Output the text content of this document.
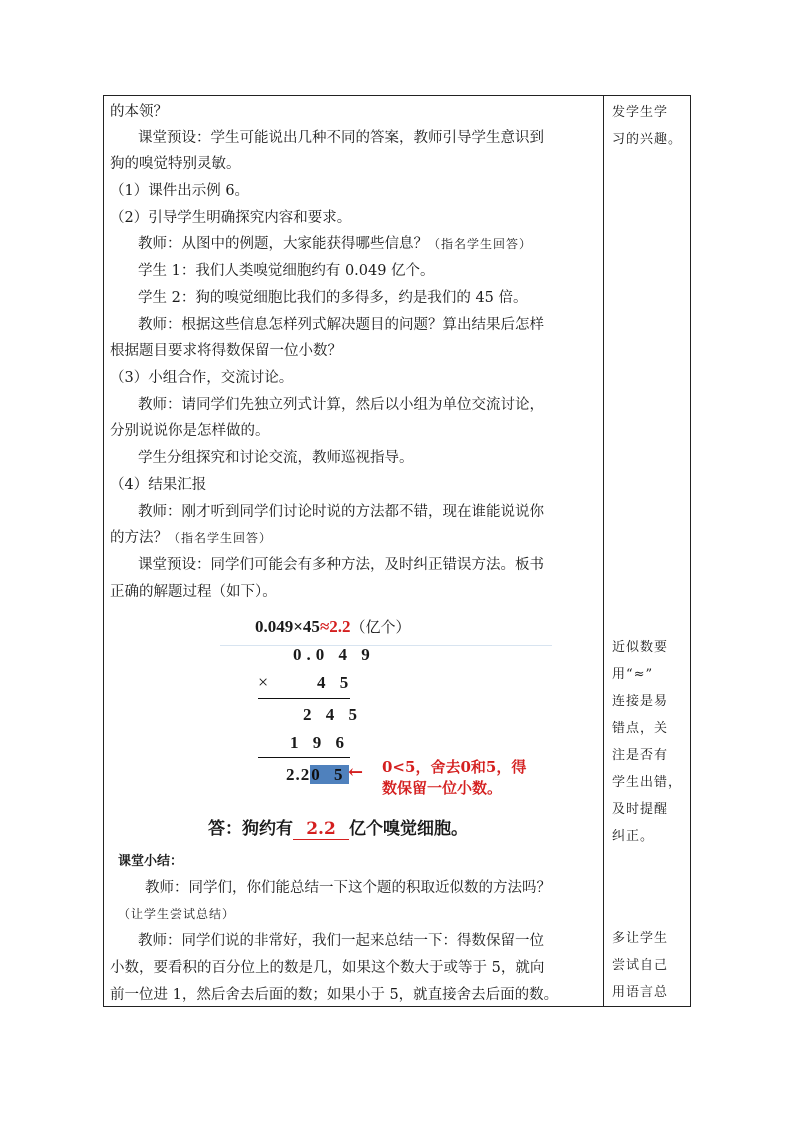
的本领？
课堂预设：学生可能说出几种不同的答案，教师引导学生意识到
狗的嗅觉特别灵敏。
（1）课件出示例 6。
（2）引导学生明确探究内容和要求。
教师：从图中的例题，大家能获得哪些信息？（指名学生回答）
学生 1：我们人类嗅觉细胞约有 0.049 亿个。
学生 2：狗的嗅觉细胞比我们的多得多，约是我们的 45 倍。
教师：根据这些信息怎样列式解决题目的问题？算出结果后怎样
根据题目要求将得数保留一位小数？
（3）小组合作，交流讨论。
教师：请同学们先独立列式计算，然后以小组为单位交流讨论，
分别说说你是怎样做的。
学生分组探究和讨论交流，教师巡视指导。
（4）结果汇报
教师：刚才听到同学们讨论时说的方法都不错，现在谁能说说你
的方法？（指名学生回答）
课堂预设：同学们可能会有多种方法，及时纠正错误方法。板书
正确的解题过程（如下）。
0.049×45≈2.2（亿个）
0.0 4 9
×	4 5
2 4 5
1 9 6
2.20 5 ← 0<5，舍去0和5，得
数保留一位小数。
答：狗约有 2.2 亿个嗅觉细胞。
课堂小结：
教师：同学们，你们能总结一下这个题的积取近似数的方法吗？
（让学生尝试总结）
教师：同学们说的非常好，我们一起来总结一下：得数保留一位
小数，要看积的百分位上的数是几，如果这个数大于或等于 5，就向
前一位进 1，然后舍去后面的数；如果小于 5，就直接舍去后面的数。
发学生学
习的兴趣。
近似数要
用“≈”
连接是易
错点，关
注是否有
学生出错，
及时提醒
纠正。
多让学生
尝试自己
用语言总
